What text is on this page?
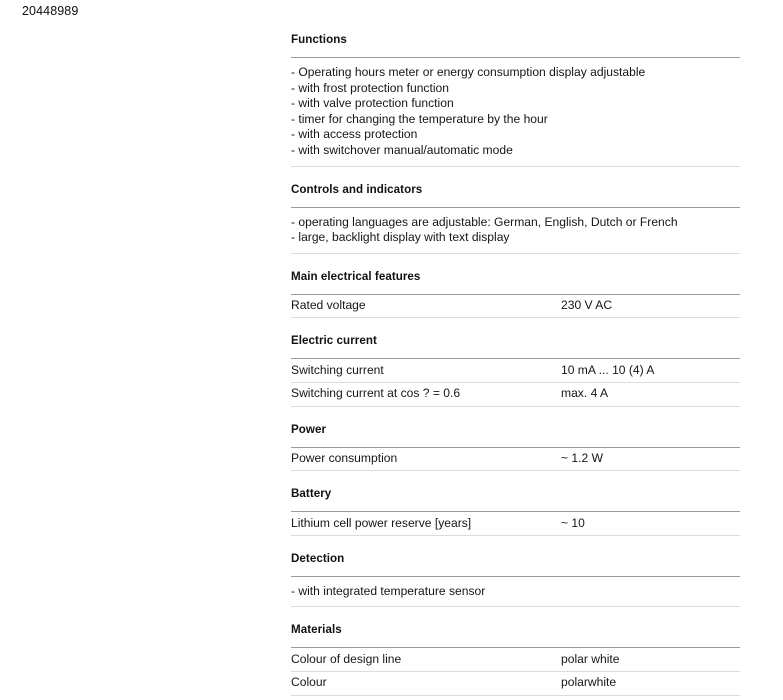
20448989
Functions
- Operating hours meter or energy consumption display adjustable
- with frost protection function
- with valve protection function
- timer for changing the temperature by the hour
- with access protection
- with switchover manual/automatic mode
Controls and indicators
- operating languages are adjustable: German, English, Dutch or French
- large, backlight display with text display
Main electrical features
Rated voltage	230 V AC
Electric current
Switching current	10 mA ... 10 (4) A
Switching current at cos ? = 0.6	max. 4 A
Power
Power consumption	~ 1.2 W
Battery
Lithium cell power reserve [years]	~ 10
Detection
- with integrated temperature sensor
Materials
Colour of design line	polar white
Colour	polarwhite
